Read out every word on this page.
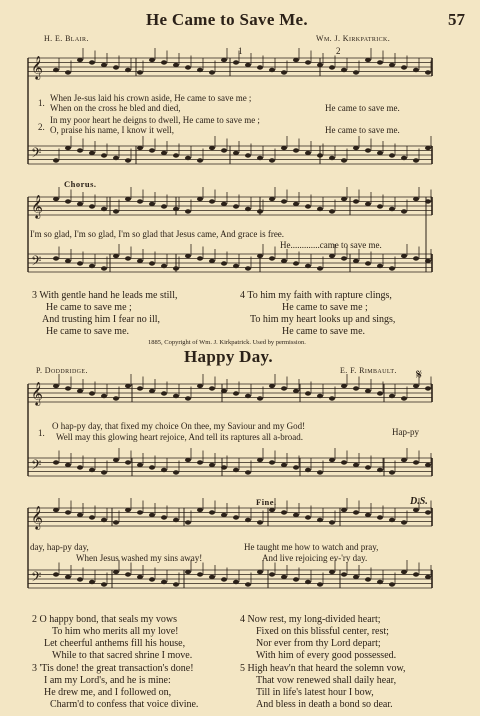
𝄞
𝄢
𝄞
𝄢
𝄞
𝄢
𝄞
𝄢
He Came to Save Me.	57
H. E. Blair.	Wm. J. Kirkpatrick.
1	2
1. When Je-sus laid his crown aside, He came to save me ;
When on the cross he bled and died,	He came to save me.
2.
In my poor heart he deigns to dwell, He came to save me ;
O, praise his name, I know it well,	He came to save me.
Chorus.
I'm so glad, I'm so glad, I'm so glad that Jesus came, And grace is free.
He.............came to save me.
3 With gentle hand he leads me still,
He came to save me ;
And trusting him I fear no ill,
He came to save me.
4 To him my faith with rapture clings,
He came to save me ;
To him my heart looks up and sings,
He came to save me.
1885, Copyright of Wm. J. Kirkpatrick. Used by permission.
Happy Day.
P. Doddridge.	E. F. Rimbault. 𝄋
1.
O hap-py day, that fixed my choice On thee, my Saviour and my God!
Well may this glowing heart rejoice, And tell its raptures all a-broad.	Hap-py
Fine.	D.S.
day, hap-py day,
When Jesus washed my sins away!
He taught me how to watch and pray,
And live rejoicing ev-'ry day.
2 O happy bond, that seals my vows
To him who merits all my love!
Let cheerful anthems fill his house,
While to that sacred shrine I move.
3 'Tis done! the great transaction's done!
I am my Lord's, and he is mine:
He drew me, and I followed on,
Charm'd to confess that voice divine.
4 Now rest, my long-divided heart;
Fixed on this blissful center, rest;
Nor ever from thy Lord depart;
With him of every good possessed.
5 High heav'n that heard the solemn vow,
That vow renewed shall daily hear,
Till in life's latest hour I bow,
And bless in death a bond so dear.
